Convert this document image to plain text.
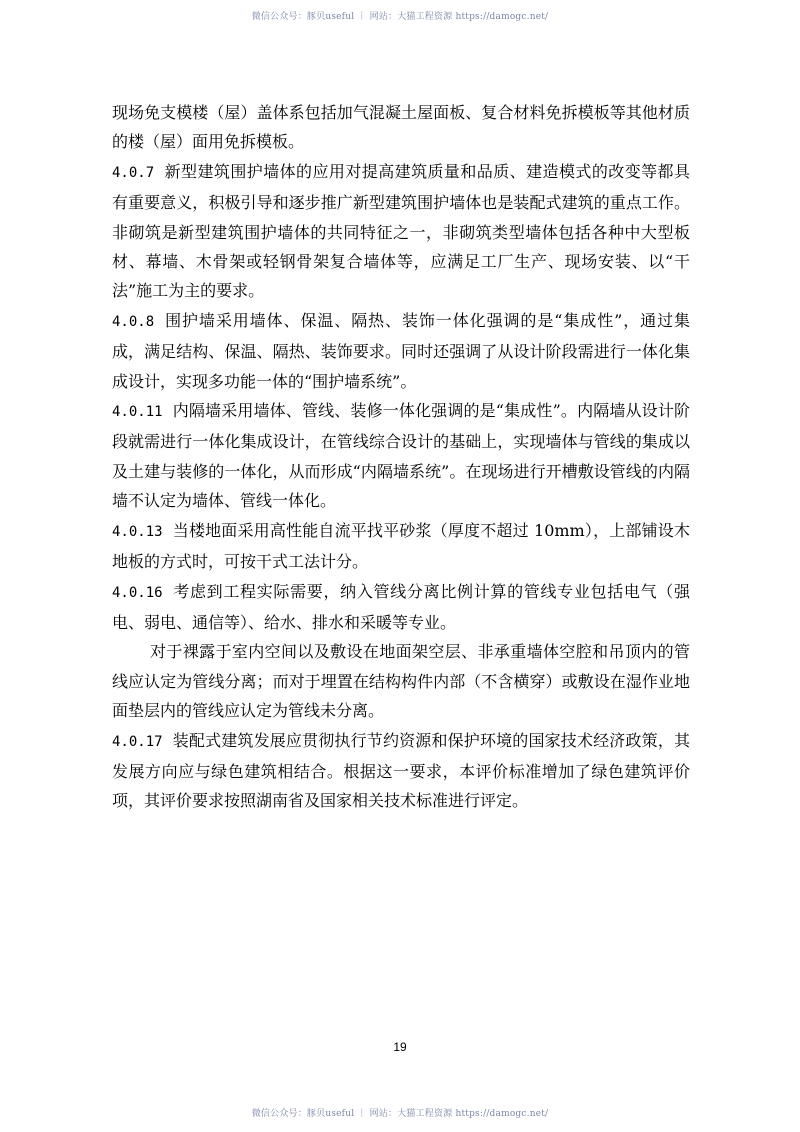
微信公众号：豚贝useful ｜ 网站：大猫工程资源 https://damogc.net/

现场免支模楼（屋）盖体系包括加气混凝土屋面板、复合材料免拆模板等其他材质的楼（屋）面用免拆模板。

4.0.7 新型建筑围护墙体的应用对提高建筑质量和品质、建造模式的改变等都具有重要意义，积极引导和逐步推广新型建筑围护墙体也是装配式建筑的重点工作。非砌筑是新型建筑围护墙体的共同特征之一，非砌筑类型墙体包括各种中大型板材、幕墙、木骨架或轻钢骨架复合墙体等，应满足工厂生产、现场安装、以“干法”施工为主的要求。

4.0.8 围护墙采用墙体、保温、隔热、装饰一体化强调的是“集成性”，通过集成，满足结构、保温、隔热、装饰要求。同时还强调了从设计阶段需进行一体化集成设计，实现多功能一体的“围护墙系统”。

4.0.11 内隔墙采用墙体、管线、装修一体化强调的是“集成性”。内隔墙从设计阶段就需进行一体化集成设计，在管线综合设计的基础上，实现墙体与管线的集成以及土建与装修的一体化，从而形成“内隔墙系统”。在现场进行开槽敷设管线的内隔墙不认定为墙体、管线一体化。

4.0.13 当楼地面采用高性能自流平找平砂浆（厚度不超过 10mm），上部铺设木地板的方式时，可按干式工法计分。

4.0.16 考虑到工程实际需要，纳入管线分离比例计算的管线专业包括电气（强电、弱电、通信等）、给水、排水和采暖等专业。

对于裸露于室内空间以及敷设在地面架空层、非承重墙体空腔和吊顶内的管线应认定为管线分离；而对于埋置在结构构件内部（不含横穿）或敷设在湿作业地面垫层内的管线应认定为管线未分离。

4.0.17 装配式建筑发展应贯彻执行节约资源和保护环境的国家技术经济政策，其发展方向应与绿色建筑相结合。根据这一要求，本评价标准增加了绿色建筑评价项，其评价要求按照湖南省及国家相关技术标准进行评定。

19
微信公众号：豚贝useful ｜ 网站：大猫工程资源 https://damogc.net/
